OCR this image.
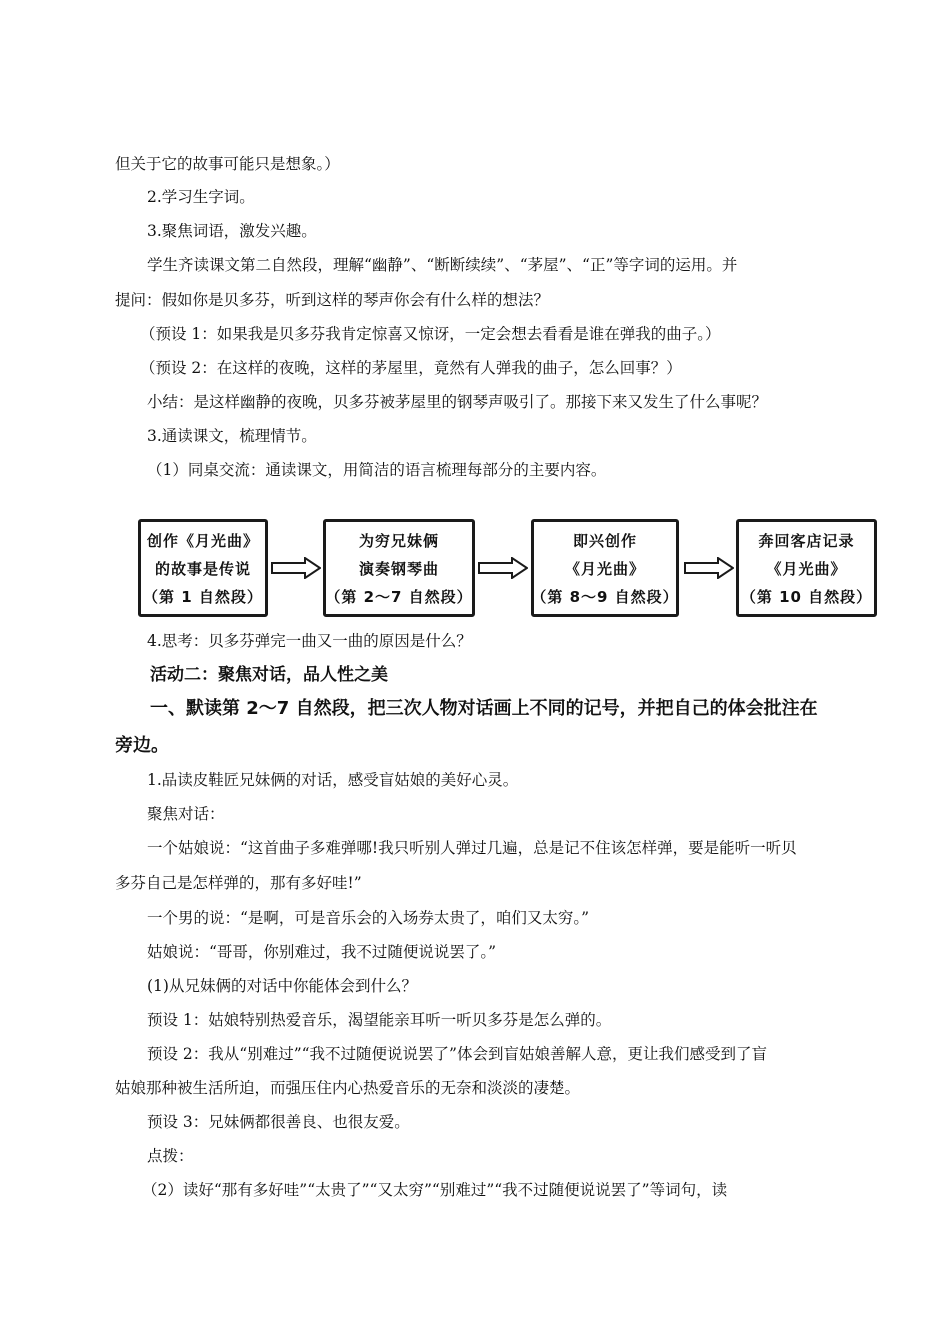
但关于它的故事可能只是想象。）
2.学习生字词。
3.聚焦词语，激发兴趣。
学生齐读课文第二自然段，理解“幽静”、“断断续续”、“茅屋”、“正”等字词的运用。并
提问：假如你是贝多芬，听到这样的琴声你会有什么样的想法？
（预设 1：如果我是贝多芬我肯定惊喜又惊讶，一定会想去看看是谁在弹我的曲子。）
（预设 2：在这样的夜晚，这样的茅屋里，竟然有人弹我的曲子，怎么回事？）
小结：是这样幽静的夜晚，贝多芬被茅屋里的钢琴声吸引了。那接下来又发生了什么事呢？
3.通读课文，梳理情节。
（1）同桌交流：通读课文，用简洁的语言梳理每部分的主要内容。
创作《月光曲》
的故事是传说
（第 1 自然段）
为穷兄妹俩
演奏钢琴曲
（第 2～7 自然段）
即兴创作
《月光曲》
（第 8～9 自然段）
奔回客店记录
《月光曲》
（第 10 自然段）
4.思考：贝多芬弹完一曲又一曲的原因是什么？
活动二：聚焦对话，品人性之美
一、默读第 2～7 自然段，把三次人物对话画上不同的记号，并把自己的体会批注在
旁边。
1.品读皮鞋匠兄妹俩的对话，感受盲姑娘的美好心灵。
聚焦对话：
一个姑娘说：“这首曲子多难弹哪!我只听别人弹过几遍，总是记不住该怎样弹，要是能听一听贝
多芬自己是怎样弹的，那有多好哇!”
一个男的说：“是啊，可是音乐会的入场券太贵了，咱们又太穷。”
姑娘说：“哥哥，你别难过，我不过随便说说罢了。”
(1)从兄妹俩的对话中你能体会到什么？
预设 1：姑娘特别热爱音乐，渴望能亲耳听一听贝多芬是怎么弹的。
预设 2：我从“别难过”“我不过随便说说罢了”体会到盲姑娘善解人意，更让我们感受到了盲
姑娘那种被生活所迫，而强压住内心热爱音乐的无奈和淡淡的凄楚。
预设 3：兄妹俩都很善良、也很友爱。
点拨：
（2）读好“那有多好哇”“太贵了”“又太穷”“别难过”“我不过随便说说罢了”等词句，读
